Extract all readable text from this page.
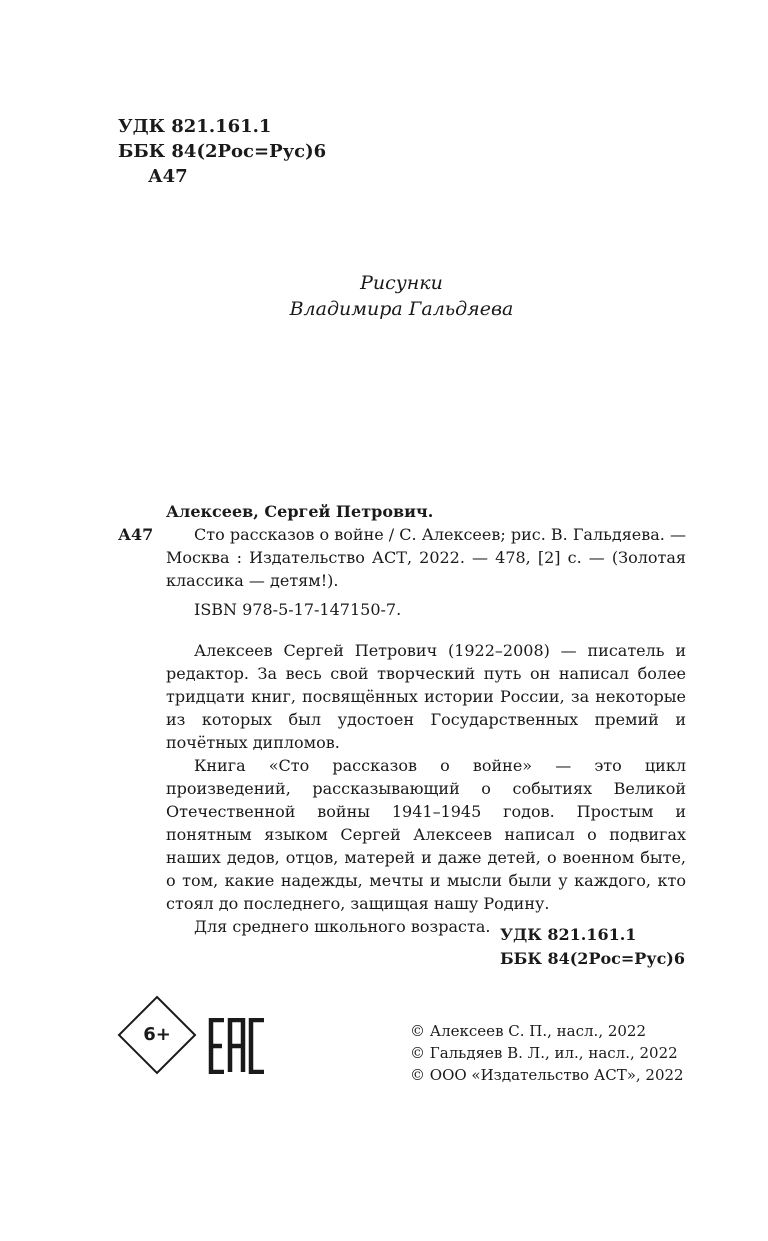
УДК 821.161.1
ББК 84(2Рос=Рус)6
А47
Рисунки
Владимира Гальдяева
А47

Алексеев, Сергей Петрович.

Сто рассказов о войне / С. Алексеев; рис. В. Гальдяева. — Москва : Издательство АСТ, 2022. — 478, [2] с. — (Золотая классика — детям!).

ISBN 978-5-17-147150-7.

Алексеев Сергей Петрович (1922–2008) — писатель и редактор. За весь свой творческий путь он написал более тридцати книг, посвящённых истории России, за некоторые из которых был удостоен Государственных премий и почётных дипломов.

Книга «Сто рассказов о войне» — это цикл произведений, рассказывающий о событиях Великой Отечественной войны 1941–1945 годов. Простым и понятным языком Сергей Алексеев написал о подвигах наших дедов, отцов, матерей и даже детей, о военном быте, о том, какие надежды, мечты и мысли были у каждого, кто стоял до последнего, защищая нашу Родину.

Для среднего школьного возраста. УДК 821.161.1
ББК 84(2Рос=Рус)6
6+	© Алексеев С. П., насл., 2022
© Гальдяев В. Л., ил., насл., 2022
© ООО «Издательство АСТ», 2022
